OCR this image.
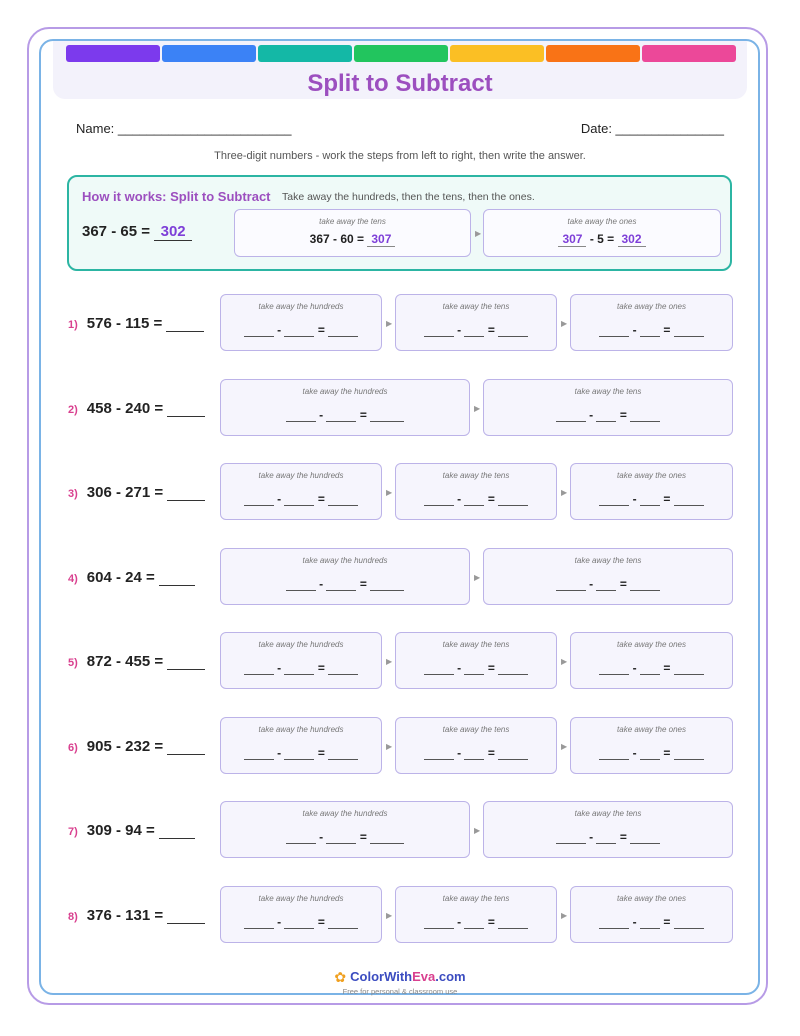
Split to Subtract
Name: ________________________	Date: _______________
Three-digit numbers - work the steps from left to right, then write the answer.
How it works: Split to Subtract Take away the hundreds, then the tens, then the ones.
367 - 65 = 302
take away the tens
367 - 60 = 307	▶
take away the ones
307 - 5 = 302
1) 576 - 115 =
take away the hundreds
-	=	▶
take away the tens
-  =	▶
take away the ones
-  =
2) 458 - 240 =
take away the hundreds
-	=	▶
take away the tens
-  =
3) 306 - 271 =
take away the hundreds
-	=	▶
take away the tens
-  =	▶
take away the ones
-  =
4) 604 - 24 =
take away the hundreds
-	=	▶
take away the tens
-  =
5) 872 - 455 =
take away the hundreds
-	=	▶
take away the tens
-  =	▶
take away the ones
-  =
6) 905 - 232 =
take away the hundreds
-	=	▶
take away the tens
-  =	▶
take away the ones
-  =
7) 309 - 94 =
take away the hundreds
-	=	▶
take away the tens
-  =
8) 376 - 131 =
take away the hundreds
-	=	▶
take away the tens
-  =	▶
take away the ones
-  =
✿ ColorWithEva.com
Free for personal & classroom use
